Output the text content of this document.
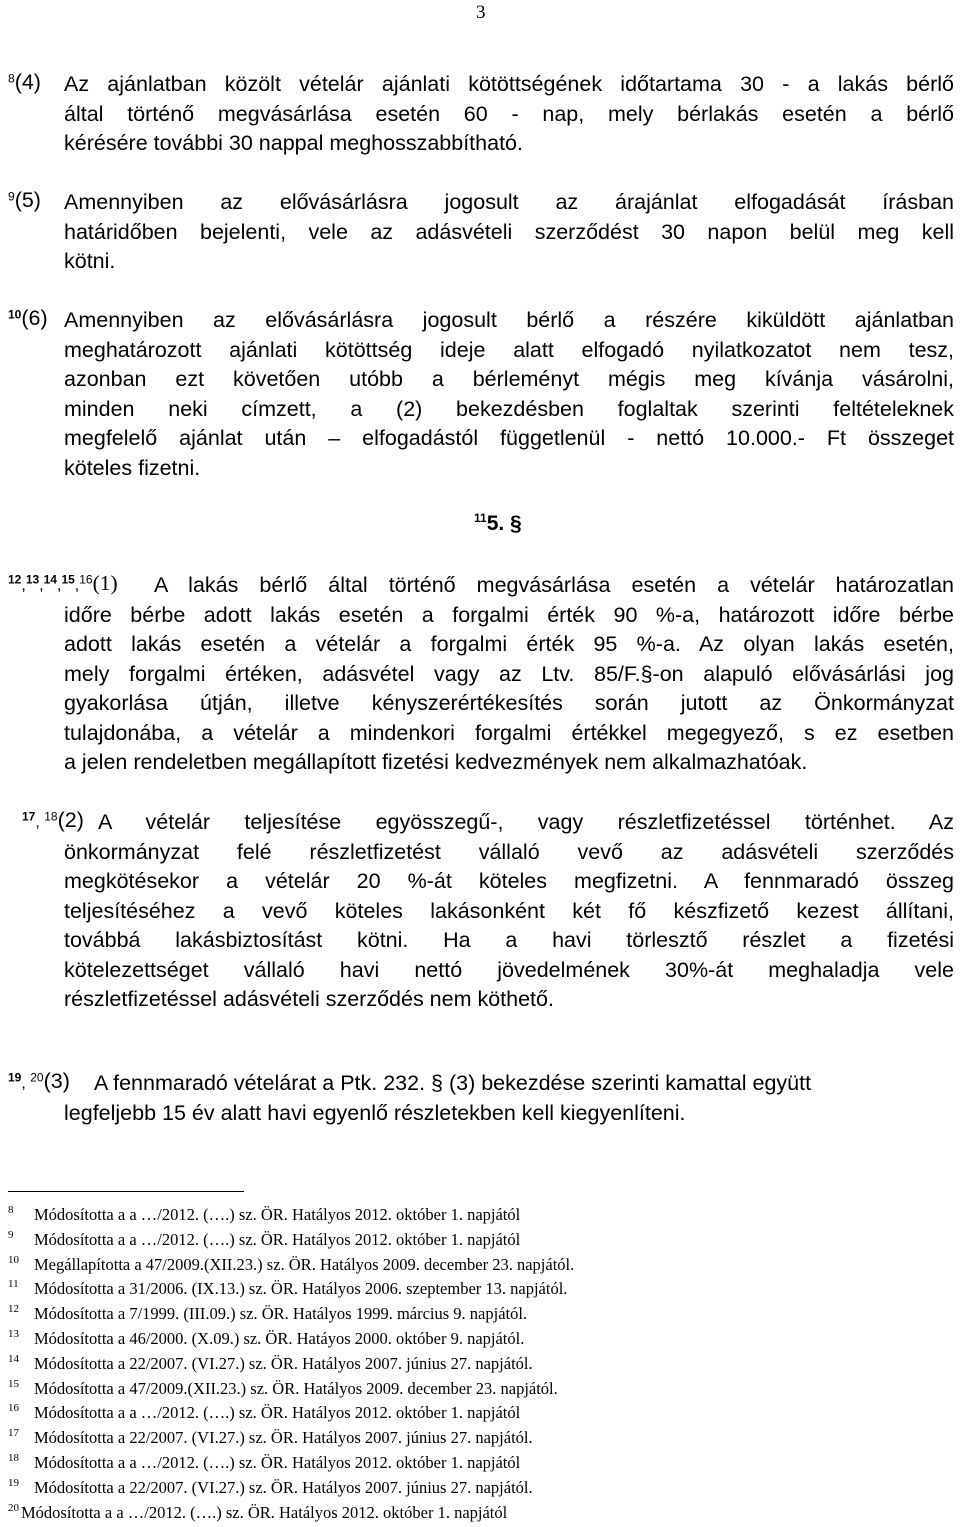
3
$^8$(4) Az ajánlatban közölt vételár ajánlati kötöttségének időtartama 30 - a lakás bérlő
által történő megvásárlása esetén 60 - nap, mely bérlakás esetén a bérlő
kérésére további 30 nappal meghosszabbítható.
$^9$(5) Amennyiben az elővásárlásra jogosult az árajánlat elfogadását írásban
határidőben bejelenti, vele az adásvételi szerződést 30 napon belül meg kell
kötni.
$^{10}$(6) Amennyiben az elővásárlásra jogosult bérlő a részére kiküldött ajánlatban
meghatározott ajánlati kötöttség ideje alatt elfogadó nyilatkozatot nem tesz,
azonban ezt követően utóbb a bérleményt mégis meg kívánja vásárolni,
minden neki címzett, a (2) bekezdésben foglaltak szerinti feltételeknek
megfelelő ajánlat után – elfogadástól függetlenül - nettó 10.000.- Ft összeget
köteles fizetni.
$^{11}$5. §
$^{12}$,$^{13}$,$^{14}$,$^{15}$,$^{16}$(1)	A lakás bérlő által történő megvásárlása esetén a vételár határozatlan
időre bérbe adott lakás esetén a forgalmi érték 90 %-a, határozott időre bérbe
adott lakás esetén a vételár a forgalmi érték 95 %-a. Az olyan lakás esetén,
mely forgalmi értéken, adásvétel vagy az Ltv. 85/F.§-on alapuló elővásárlási jog
gyakorlása útján, illetve kényszerértékesítés során jutott az Önkormányzat
tulajdonába, a vételár a mindenkori forgalmi értékkel megegyező, s ez esetben
a jelen rendeletben megállapított fizetési kedvezmények nem alkalmazhatóak.
$^{17}$, $^{18}$(2) A vételár teljesítése egyösszegű-, vagy részletfizetéssel történhet. Az
önkormányzat felé részletfizetést vállaló vevő az adásvételi szerződés
megkötésekor a vételár 20 %-át köteles megfizetni. A fennmaradó összeg
teljesítéséhez a vevő köteles lakásonként két fő készfizető kezest állítani,
továbbá lakásbiztosítást kötni. Ha a havi törlesztő részlet a fizetési
kötelezettséget vállaló havi nettó jövedelmének 30%-át meghaladja vele
részletfizetéssel adásvételi szerződés nem köthető.
$^{19}$, $^{20}$(3)	A fennmaradó vételárat a Ptk. 232. § (3) bekezdése szerinti kamattal együtt
legfeljebb 15 év alatt havi egyenlő részletekben kell kiegyenlíteni.
8 Módosította a a …/2012. (….) sz. ÖR. Hatályos 2012. október 1. napjától
9 Módosította a a …/2012. (….) sz. ÖR. Hatályos 2012. október 1. napjától
10 Megállapította a 47/2009.(XII.23.) sz. ÖR. Hatályos 2009. december 23. napjától.
11 Módosította a 31/2006. (IX.13.) sz. ÖR. Hatályos 2006. szeptember 13. napjától.
12 Módosította a 7/1999. (III.09.) sz. ÖR. Hatályos 1999. március 9. napjától.
13 Módosította a 46/2000. (X.09.) sz. ÖR. Hatáyos 2000. október 9. napjától.
14 Módosította a 22/2007. (VI.27.) sz. ÖR. Hatályos 2007. június 27. napjától.
15 Módosította a 47/2009.(XII.23.) sz. ÖR. Hatályos 2009. december 23. napjától.
16 Módosította a a …/2012. (….) sz. ÖR. Hatályos 2012. október 1. napjától
17 Módosította a 22/2007. (VI.27.) sz. ÖR. Hatályos 2007. június 27. napjától.
18 Módosította a a …/2012. (….) sz. ÖR. Hatályos 2012. október 1. napjától
19 Módosította a 22/2007. (VI.27.) sz. ÖR. Hatályos 2007. június 27. napjától.
20 Módosította a a …/2012. (….) sz. ÖR. Hatályos 2012. október 1. napjától
